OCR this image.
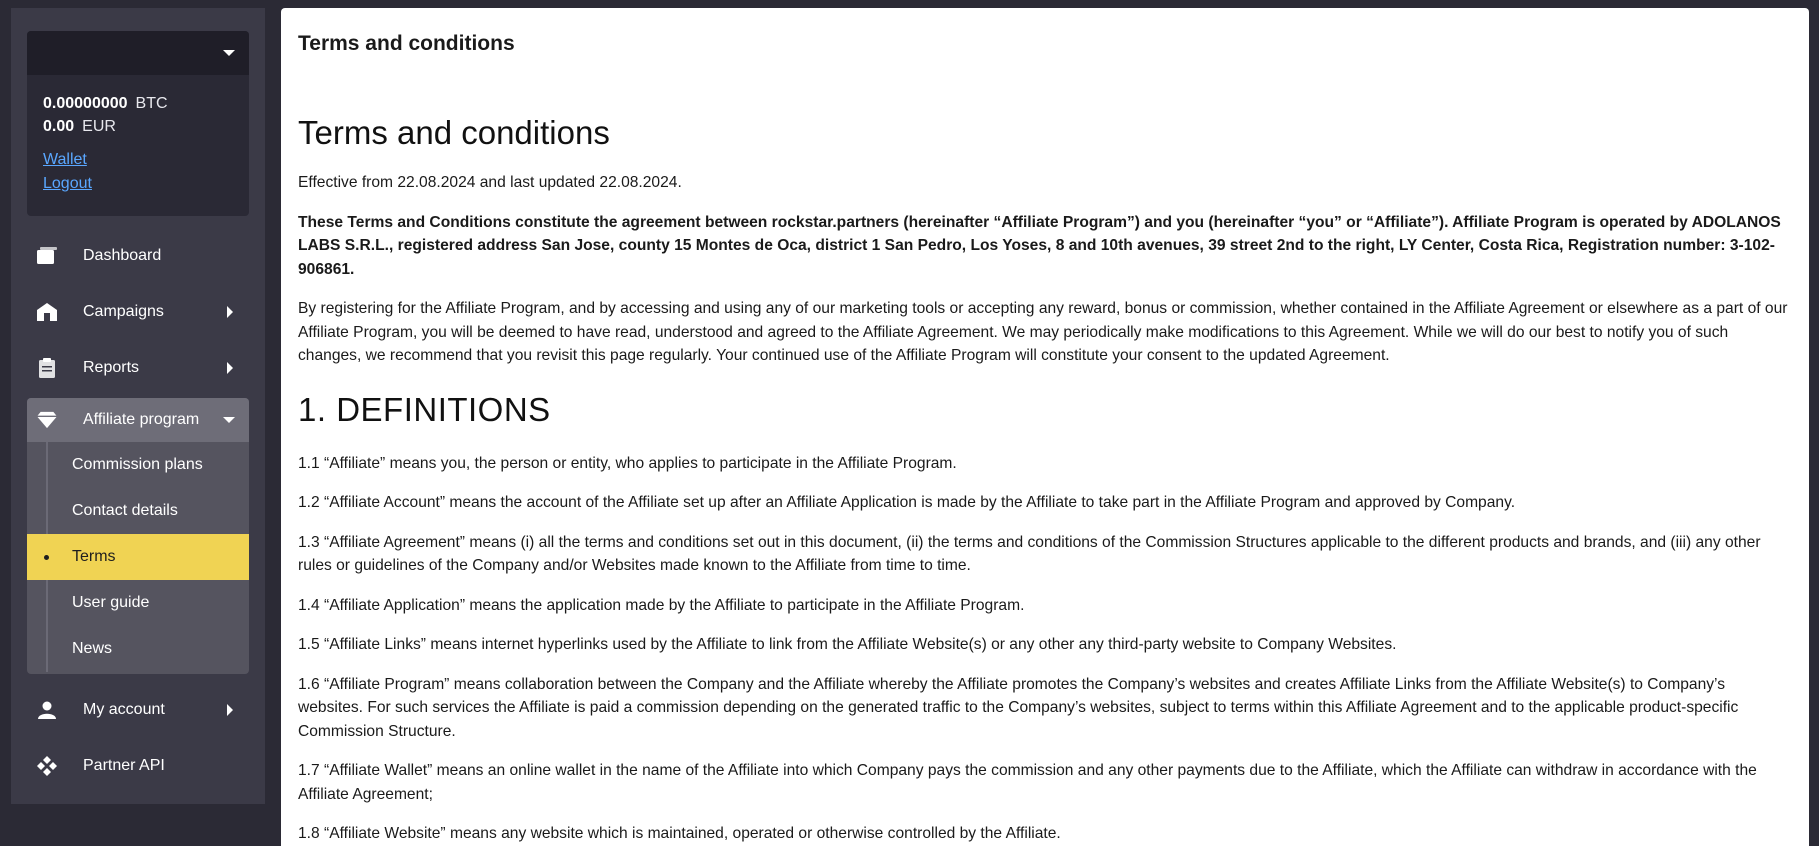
0.00000000 BTC
0.00 EUR
Wallet
Logout
Dashboard
Campaigns
Reports
Affiliate program
Commission plans
Contact details
Terms
User guide
News
My account
Partner API
Terms and conditions
Terms and conditions

Effective from 22.08.2024 and last updated 22.08.2024.

These Terms and Conditions constitute the agreement between rockstar.partners (hereinafter “Affiliate Program”) and you (hereinafter “you” or “Affiliate”). Affiliate Program is operated by ADOLANOS LABS S.R.L., registered address San Jose, county 15 Montes de Oca, district 1 San Pedro, Los Yoses, 8 and 10th avenues, 39 street 2nd to the right, LY Center, Costa Rica, Registration number: 3-102-906861.

By registering for the Affiliate Program, and by accessing and using any of our marketing tools or accepting any reward, bonus or commission, whether contained in the Affiliate Agreement or elsewhere as a part of our Affiliate Program, you will be deemed to have read, understood and agreed to the Affiliate Agreement. We may periodically make modifications to this Agreement. While we will do our best to notify you of such changes, we recommend that you revisit this page regularly. Your continued use of the Affiliate Program will constitute your consent to the updated Agreement.

1. DEFINITIONS

1.1 “Affiliate” means you, the person or entity, who applies to participate in the Affiliate Program.

1.2 “Affiliate Account” means the account of the Affiliate set up after an Affiliate Application is made by the Affiliate to take part in the Affiliate Program and approved by Company.

1.3 “Affiliate Agreement” means (i) all the terms and conditions set out in this document, (ii) the terms and conditions of the Commission Structures applicable to the different products and brands, and (iii) any other rules or guidelines of the Company and/or Websites made known to the Affiliate from time to time.

1.4 “Affiliate Application” means the application made by the Affiliate to participate in the Affiliate Program.

1.5 “Affiliate Links” means internet hyperlinks used by the Affiliate to link from the Affiliate Website(s) or any other any third-party website to Company Websites.

1.6 “Affiliate Program” means collaboration between the Company and the Affiliate whereby the Affiliate promotes the Company’s websites and creates Affiliate Links from the Affiliate Website(s) to Company’s websites. For such services the Affiliate is paid a commission depending on the generated traffic to the Company’s websites, subject to terms within this Affiliate Agreement and to the applicable product-specific Commission Structure.

1.7 “Affiliate Wallet” means an online wallet in the name of the Affiliate into which Company pays the commission and any other payments due to the Affiliate, which the Affiliate can withdraw in accordance with the Affiliate Agreement;

1.8 “Affiliate Website” means any website which is maintained, operated or otherwise controlled by the Affiliate.
